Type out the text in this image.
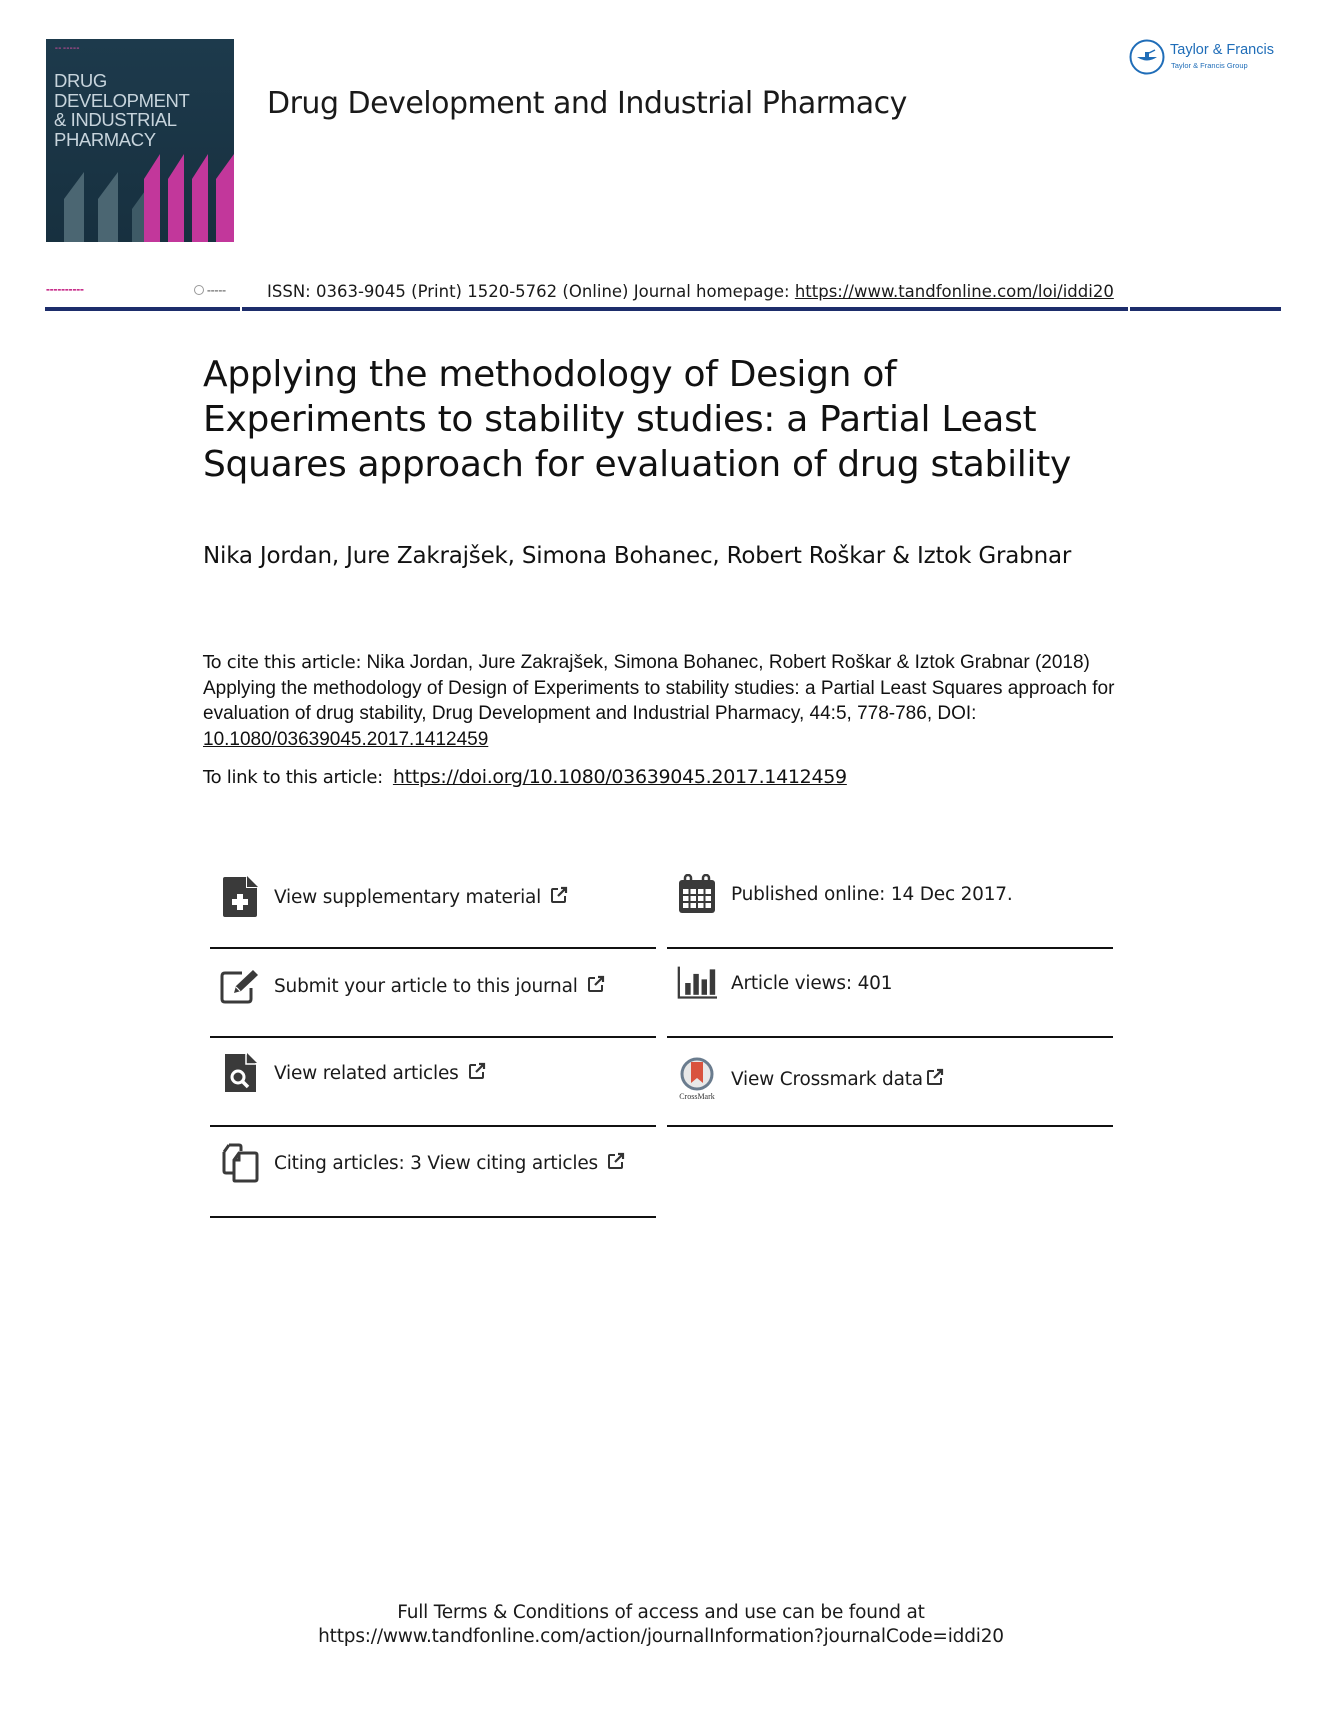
▬▬ ▬▬▬▬▬
DRUG DEVELOPMENT
& INDUSTRIAL
PHARMACY
Drug Development and Industrial Pharmacy
Taylor & Francis
Taylor & Francis Group
▬▬▬▬▬▬▬▬▬▬	▬▬▬▬▬ ISSN: 0363-9045 (Print) 1520-5762 (Online) Journal homepage: https://www.tandfonline.com/loi/iddi20
Applying the methodology of Design of Experiments to stability studies: a Partial Least Squares approach for evaluation of drug stability
Nika Jordan, Jure Zakrajšek, Simona Bohanec, Robert Roškar & Iztok Grabnar
To cite this article: Nika Jordan, Jure Zakrajšek, Simona Bohanec, Robert Roškar & Iztok Grabnar (2018) Applying the methodology of Design of Experiments to stability studies: a Partial Least Squares approach for evaluation of drug stability, Drug Development and Industrial Pharmacy, 44:5, 778-786, DOI: 10.1080/03639045.2017.1412459
To link to this article: https://doi.org/10.1080/03639045.2017.1412459
View supplementary material
Submit your article to this journal
View related articles
Citing articles: 3 View citing articles
Published online: 14 Dec 2017.
Article views: 401
CrossMark
View Crossmark data
Full Terms & Conditions of access and use can be found at
https://www.tandfonline.com/action/journalInformation?journalCode=iddi20
